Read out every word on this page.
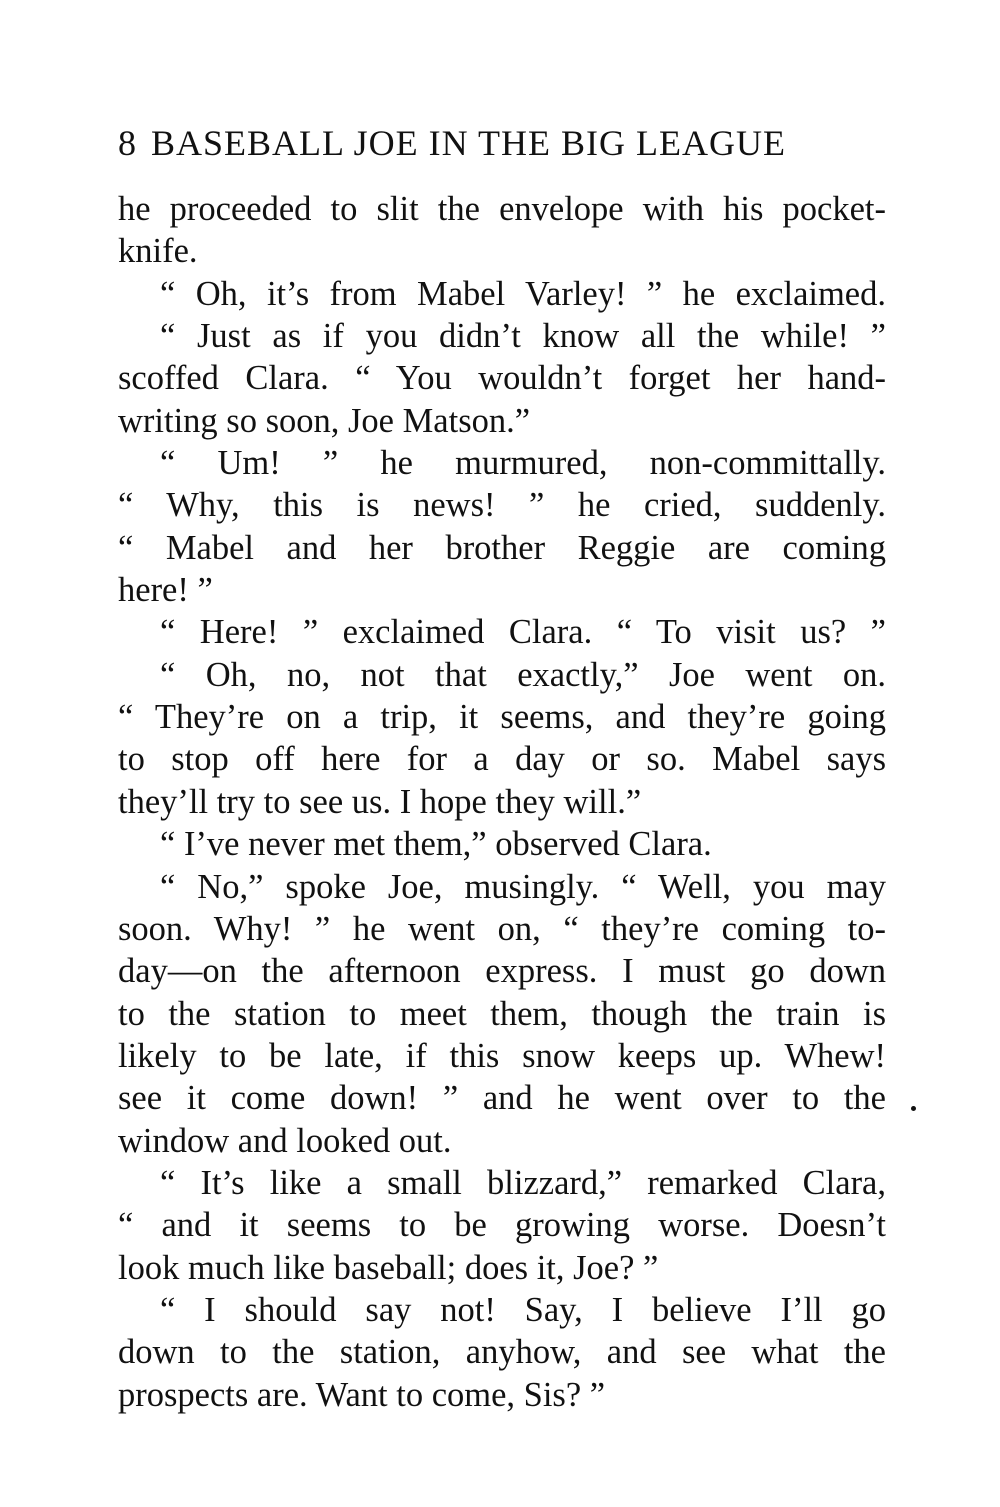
8 BASEBALL JOE IN THE BIG LEAGUE
he proceeded to slit the envelope with his pocket-
knife.
“ Oh, it’s from Mabel Varley! ” he exclaimed.
“ Just as if you didn’t know all the while! ”
scoffed Clara. “ You wouldn’t forget her hand-
writing so soon, Joe Matson.”
“ Um! ” he murmured, non-committally.
“ Why, this is news! ” he cried, suddenly.
“ Mabel and her brother Reggie are coming
here! ”
“ Here! ” exclaimed Clara. “ To visit us? ”
“ Oh, no, not that exactly,” Joe went on.
“ They’re on a trip, it seems, and they’re going
to stop off here for a day or so. Mabel says
they’ll try to see us. I hope they will.”
“ I’ve never met them,” observed Clara.
“ No,” spoke Joe, musingly. “ Well, you may
soon. Why! ” he went on, “ they’re coming to-
day—on the afternoon express. I must go down
to the station to meet them, though the train is
likely to be late, if this snow keeps up. Whew!
see it come down! ” and he went over to the
window and looked out.
“ It’s like a small blizzard,” remarked Clara,
“ and it seems to be growing worse. Doesn’t
look much like baseball; does it, Joe? ”
“ I should say not! Say, I believe I’ll go
down to the station, anyhow, and see what the
prospects are. Want to come, Sis? ”
